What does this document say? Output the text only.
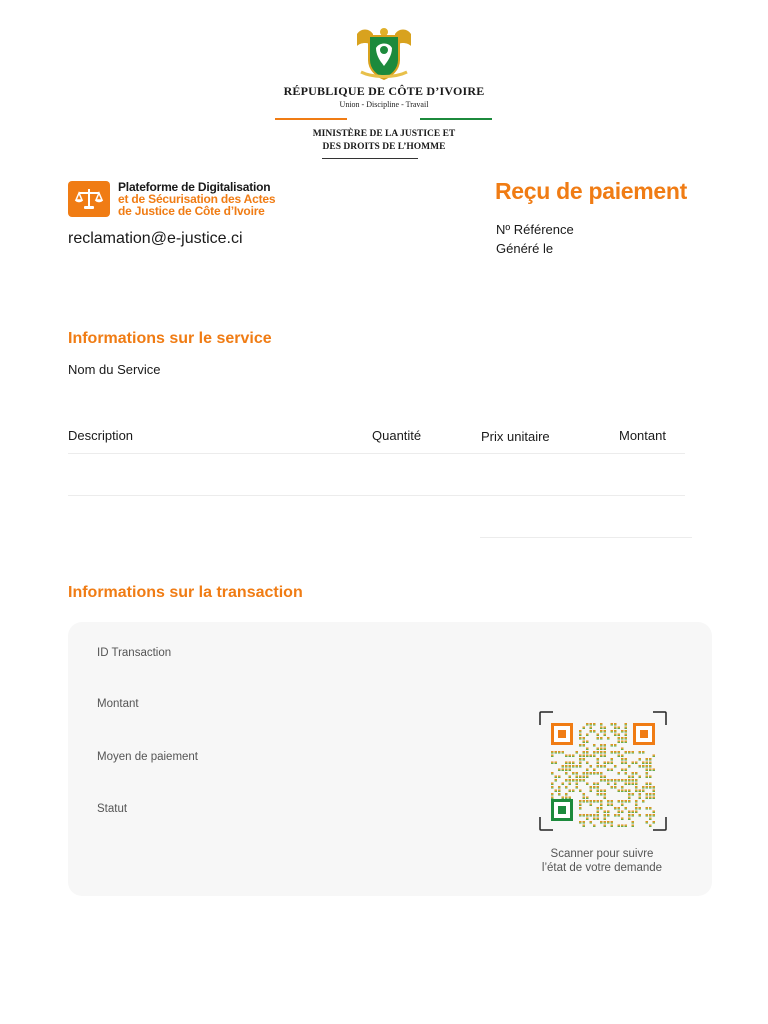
RÉPUBLIQUE DE CÔTE D’IVOIRE
Union - Discipline - Travail
MINISTÈRE DE LA JUSTICE ET
DES DROITS DE L’HOMME
Plateforme de Digitalisation
et de Sécurisation des Actes
de Justice de Côte d’Ivoire
reclamation@e-justice.ci
Reçu de paiement
Nº Référence
Généré le
Informations sur le service
Nom du Service
Description	Quantité	Prix unitaire	Montant
Informations sur la transaction
ID Transaction
Montant
Moyen de paiement
Statut
Scanner pour suivre
l’état de votre demande
